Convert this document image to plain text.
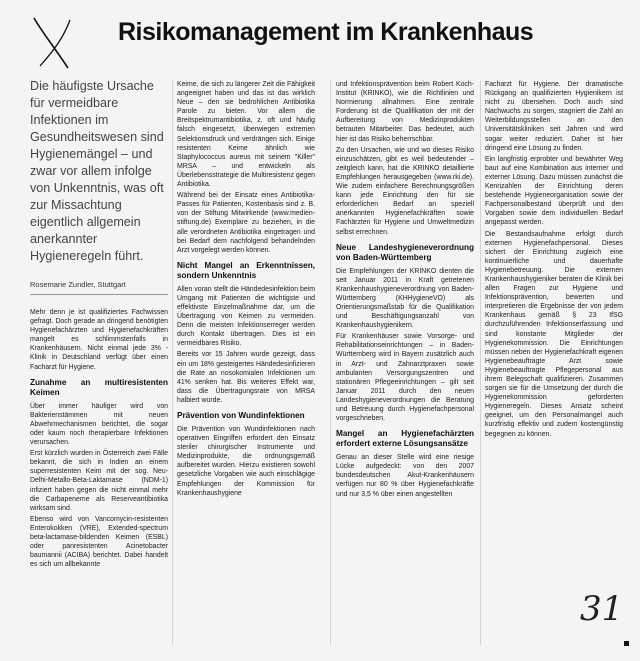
Risikomanagement im Krankenhaus
Die häufigste Ursache für vermeidbare Infektionen im Gesundheitswesen sind Hygienemängel – und zwar vor allem infolge von Unkenntnis, was oft zur Missachtung eigentlich allgemein anerkannter Hygieneregeln führt.
Rosemarie Zundler, Stuttgart

Mehr denn je ist qualifiziertes Fachwissen gefragt. Doch gerade an dringend benötigten Hygienefachärzten und Hygienefachkräften mangelt es schlimmstenfalls in Krankenhäusern. Nicht einmal jede 3% -Klinik in Deutschland verfügt über einen Facharzt für Hygiene.

Zunahme an multiresistenten Keimen

Über immer häufiger wird von Bakterienstämmen mit neuen Abwehrmechanismen berichtet, die sogar oder kaum noch therapierbare Infektionen verursachen.

Erst kürzlich wurden in Österreich zwei Fälle bekannt, die sich in Indien an einem superresistenten Keim mit der sog. Neu-Delhi-Metallo-Beta-Laktamase (NDM-1) infiziert haben gegen die nicht einmal mehr die Carbapeneme als Reserveantibiotika wirksam sind.

Ebenso wird von Vancomycin-resistenten Enterokokken (VRE), Extended-spectrum beta-lactamase-bildenden Keimen (ESBL) oder panresistenten Acinetobacter baumannii (ACIBA) berichtet. Dabei handelt es sich um allbekannte

Keime, die sich zu längerer Zeit die Fähigkeit angeeignet haben und das ist das wirklich Neue – den sie bedrohlichen Antibiotika Parole zu bieten. Vor allem die Breitspektrumantibiotika, z. oft und häufig falsch eingesetzt, überwiegen extremen Selektionsdruck und verdrängen sich. Einige resistenten Keime ähnlich wie Staphylococcus aureus mit seinem "Killer" MRSA – und entwickeln als Überlebensstrategie die Multiresistenz gegen Antibiotika.

Während bei der Einsatz eines Antibiotika-Passes für Patienten, Kostenbasis sind z. B. von der Stiftung Mitwirkende (www.medien-stiftung.de) Exemplare zu beziehen, in die alle verordneten Antibiotika eingetragen und bei Bedarf dem nachfolgend behandelnden Arzt vorgelegt werden können.

Nicht Mangel an Erkenntnissen, sondern Unkenntnis

Allen voran stellt die Händedesinfektion beim Umgang mit Patienten die wichtigste und effektivste Einzelmaßnahme dar, um die Übertragung von Keimen zu vermeiden. Denn die meisten Infektionserreger werden durch Kontakt übertragen. Dies ist ein vermeidbares Risiko.

Bereits vor 15 Jahren wurde gezeigt, dass ein um 18% gesteigertes Händedesinfizieren die Rate an nosokomialen Infektionen um 41% senken hat. Bis weiteres Effekt war, dass die Übertragungsrate von MRSA halbiert wurde.

Prävention von Wundinfektionen

Die Prävention von Wundinfektionen nach operativen Eingriffen erfordert den Einsatz steriler chirurgischer Instrumente und Medizinprodukte, die ordnungsgemäß aufbereitet wurden. Hierzu existieren sowohl gesetzliche Vorgaben wie auch einschlägige Empfehlungen der Kommission für Krankenhaushygiene

und Infektionsprävention beim Robert Koch-Institut (KRINKO), wie die Richtlinien und Normierung allnahmen. Eine zentrale Forderung ist die Qualifikation der mit der Aufbereitung von Medizinprodukten betrauten Mitarbeiter. Das bedeutet, auch hier ist das Risiko beherrschbar.

Zu den Ursachen, wie und wo dieses Risiko einzuschätzen, gibt es weil bedeutender – zeitgleich kann, hat die KRINKO detaillierte Empfehlungen herausgegeben (www.rki.de). Wie zudem einfachere Berechnungsgrößen kann jede Einrichtung den für sie erforderlichen Bedarf an speziell anerkannten Hygienefachkräften sowie Fachärzten für Hygiene und Umweltmedizin selbst errechnen.

Neue Landeshygieneverordnung von Baden-Württemberg

Die Empfehlungen der KRINKO dienten die seit Januar 2011 in Kraft getretenen Krankenhaushygieneverordnung von Baden-Württemberg (KHHygieneVO) als Orientierungsmaßstab für die Qualifikation und Beschäftigungsanzahl von Krankenhaushygienikern.

Für Krankenhäuser sowie Vorsorge- und Rehabilitationseinrichtungen – in Baden-Württemberg wird in Bayern zusätzlich auch in Arzt- und Zahnarztpraxen sowie ambulanten Versorgungszentren und stationären Pflegeeinrichtungen – gilt seit Januar 2011 durch den neuen Landeshygieneverordnungen die Beratung und Betreuung durch Hygienefachpersonal vorgeschrieben.

Mangel an Hygienefachärzten erfordert externe Lösungsansätze

Genau an dieser Stelle wird eine riesige Lücke aufgedeckt: von den 2007 bundesdeutschen Akut-Krankenhäusern verfügen nur 80 % über Hygienefachkräfte und nur 3,5 % über einen angestellten

Facharzt für Hygiene. Der dramatische Rückgang an qualifizierten Hygienikern ist nicht zu übersehen. Doch auch sind Nachwuchs zu sorgen, stagniert die Zahl an Weiterbildungsstellen an den Universitätskliniken seit Jahren und wird sogar weiter reduziert. Daher ist hier dringend eine Lösung zu finden.

Ein langfristig erprobter und bewährter Weg baut auf eine Kombination aus interner und externer Lösung. Dazu müssen zunächst die Kennzahlen der Einrichtung deren bestehende Hygieneorganisation sowie der Fachpersonalbestand überprüft und den Vorgaben sowie dem individuellen Bedarf angepasst werden.

Die Bestandsaufnahme erfolgt durch externen Hygienefachpersonal. Dieses sichert der Einrichtung zugleich eine kontinuierliche und dauerhafte Hygienebetreuung. Die externen Krankenhaushygieniker beraten die Klinik bei allen Fragen zur Hygiene und Infektionsprävention, bewerten und interpretieren die Ergebnisse der von jedem Krankenhaus gemäß § 23 IfSG durchzuführenden Infektionserfassung und sind konstante Mitglieder der Hygienekommission. Die Einrichtungen müssen neben der Hygienefachkraft eigenen Hygienebeauftragte Arzt sowie Hygienebeauftragte Pflegepersonal aus ihrem Belegschaft qualifizieren. Zusammen sorgen sie für die Umsetzung der durch die Hygienekommission geforderten Hygieneregeln. Dieses Ansatz scheint geeignet, um den Personalmangel auch kurzfristig effektiv und zudem kostengünstig begegnen zu können.

31
